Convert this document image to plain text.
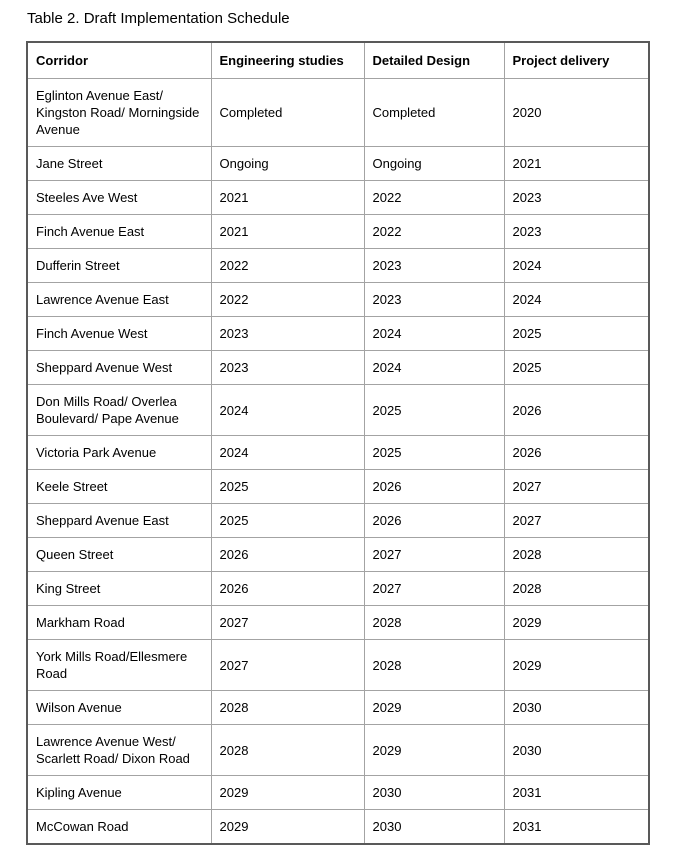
Table 2. Draft Implementation Schedule
Corridor	Engineering studies	Detailed Design	Project delivery
Eglinton Avenue East/ Kingston Road/ Morningside Avenue	Completed	Completed	2020
Jane Street	Ongoing	Ongoing	2021
Steeles Ave West	2021	2022	2023
Finch Avenue East	2021	2022	2023
Dufferin Street	2022	2023	2024
Lawrence Avenue East	2022	2023	2024
Finch Avenue West	2023	2024	2025
Sheppard Avenue West	2023	2024	2025
Don Mills Road/ Overlea Boulevard/ Pape Avenue	2024	2025	2026
Victoria Park Avenue	2024	2025	2026
Keele Street	2025	2026	2027
Sheppard Avenue East	2025	2026	2027
Queen Street	2026	2027	2028
King Street	2026	2027	2028
Markham Road	2027	2028	2029
York Mills Road/Ellesmere Road	2027	2028	2029
Wilson Avenue	2028	2029	2030
Lawrence Avenue West/ Scarlett Road/ Dixon Road	2028	2029	2030
Kipling Avenue	2029	2030	2031
McCowan Road	2029	2030	2031
